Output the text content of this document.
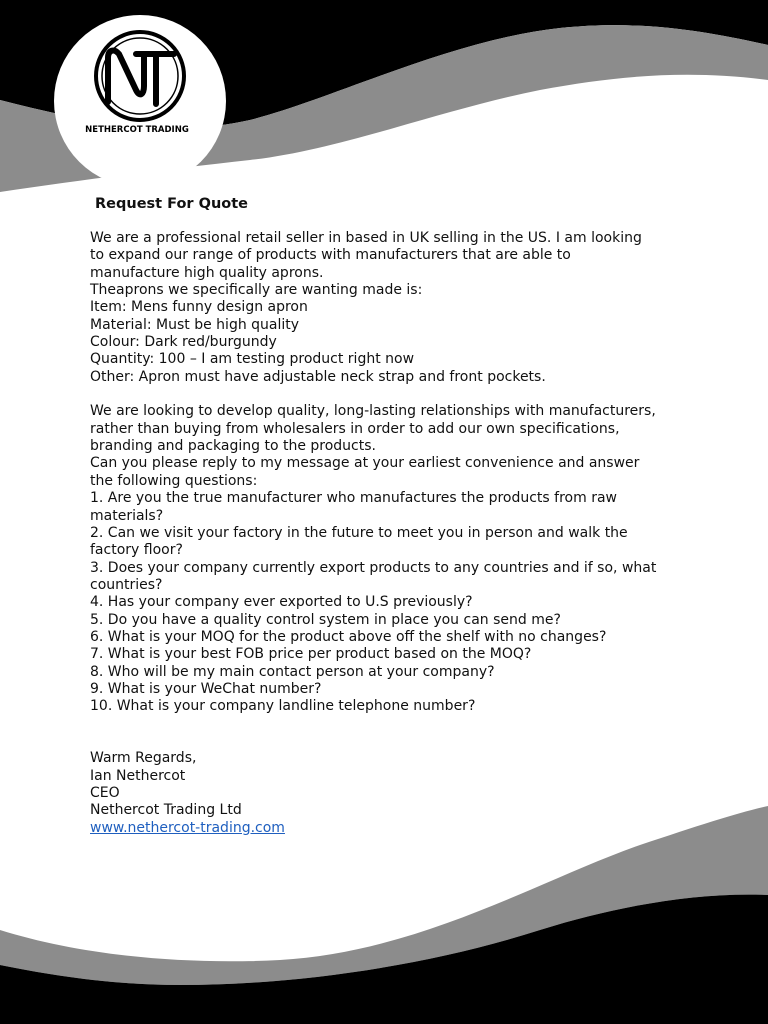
NETHERCOT TRADING
Request For Quote
We are a professional retail seller in based in UK selling in the US. I am looking
to expand our range of products with manufacturers that are able to
manufacture high quality aprons.
Theaprons we specifically are wanting made is:
Item: Mens funny design apron
Material: Must be high quality
Colour: Dark red/burgundy
Quantity: 100 – I am testing product right now
Other: Apron must have adjustable neck strap and front pockets.
We are looking to develop quality, long-lasting relationships with manufacturers,
rather than buying from wholesalers in order to add our own specifications,
branding and packaging to the products.
Can you please reply to my message at your earliest convenience and answer
the following questions:
1. Are you the true manufacturer who manufactures the products from raw
materials?
2. Can we visit your factory in the future to meet you in person and walk the
factory floor?
3. Does your company currently export products to any countries and if so, what
countries?
4. Has your company ever exported to U.S previously?
5. Do you have a quality control system in place you can send me?
6. What is your MOQ for the product above off the shelf with no changes?
7. What is your best FOB price per product based on the MOQ?
8. Who will be my main contact person at your company?
9. What is your WeChat number?
10. What is your company landline telephone number?
Warm Regards,
Ian Nethercot
CEO
Nethercot Trading Ltd
www.nethercot-trading.com
